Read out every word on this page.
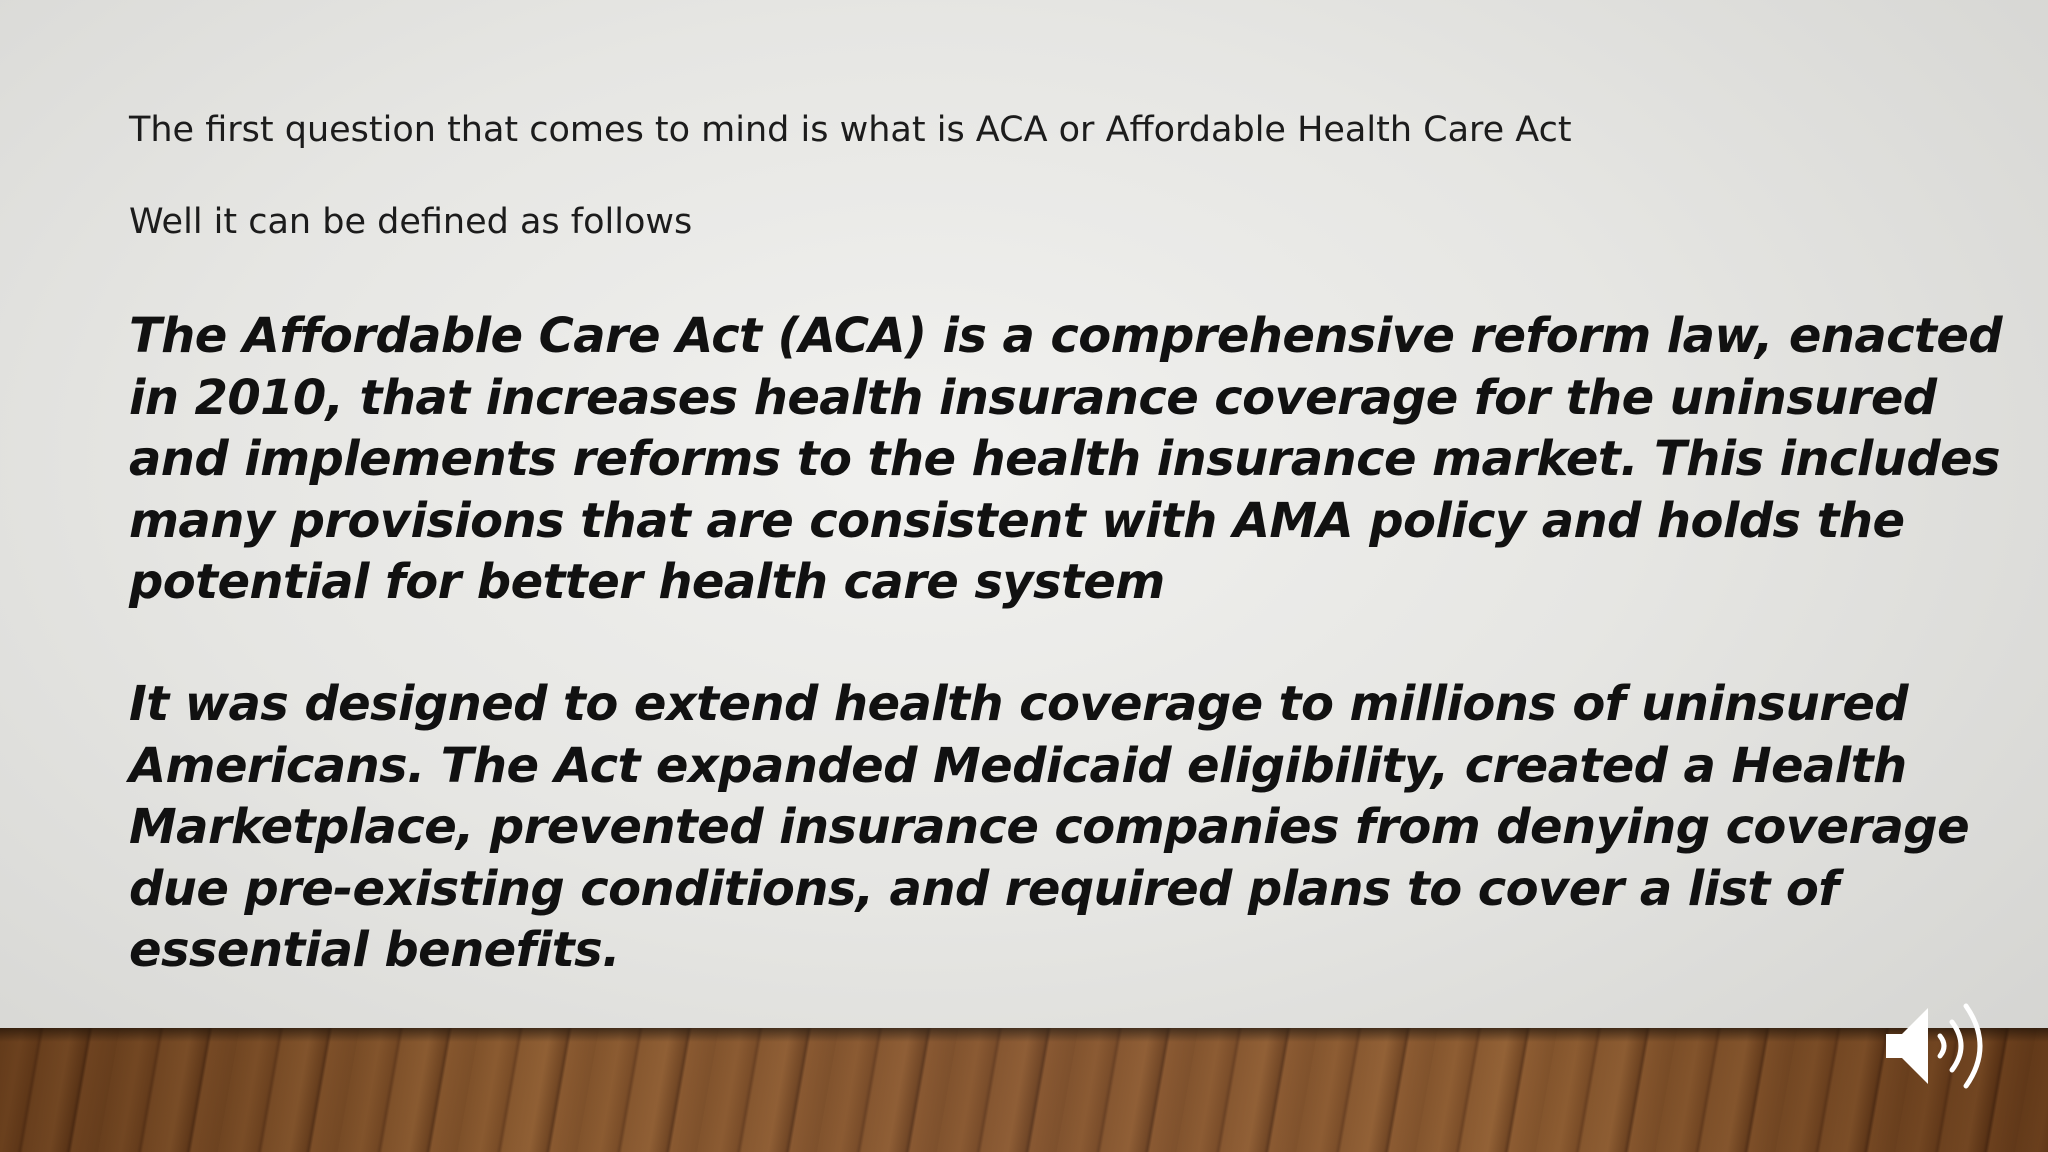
The first question that comes to mind is what is ACA or Affordable Health Care Act

Well it can be defined as follows

The Affordable Care Act (ACA) is a comprehensive reform law, enacted in 2010, that increases health insurance coverage for the uninsured and implements reforms to the health insurance market. This includes many provisions that are consistent with AMA policy and holds the potential for better health care system

It was designed to extend health coverage to millions of uninsured Americans. The Act expanded Medicaid eligibility, created a Health Marketplace, prevented insurance companies from denying coverage due pre-existing conditions, and required plans to cover a list of essential benefits.
